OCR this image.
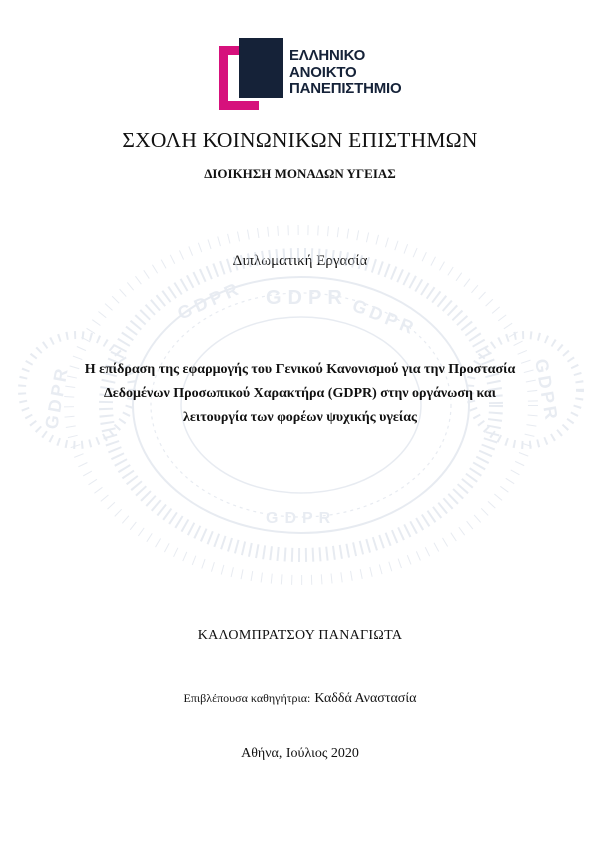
ΕΛΛΗΝΙΚΟ
ΑΝΟΙΚΤΟ
ΠΑΝΕΠΙΣΤΗΜΙΟ
ΣΧΟΛΗ ΚΟΙΝΩΝΙΚΩΝ ΕΠΙΣΤΗΜΩΝ
ΔΙΟΙΚΗΣΗ ΜΟΝΑΔΩΝ ΥΓΕΙΑΣ
Διπλωματική Εργασία
GDPR
GDPR
GDPR	GDPR
GDPR	GDPR
Η επίδραση της εφαρμογής του Γενικού Κανονισμού για την Προστασία
Δεδομένων Προσωπικού Χαρακτήρα (GDPR) στην οργάνωση και
λειτουργία των φορέων ψυχικής υγείας
ΚΑΛΟΜΠΡΑΤΣΟΥ ΠΑΝΑΓΙΩΤΑ
Επιβλέπουσα καθηγήτρια: Καδδά Αναστασία
Αθήνα, Ιούλιος 2020
